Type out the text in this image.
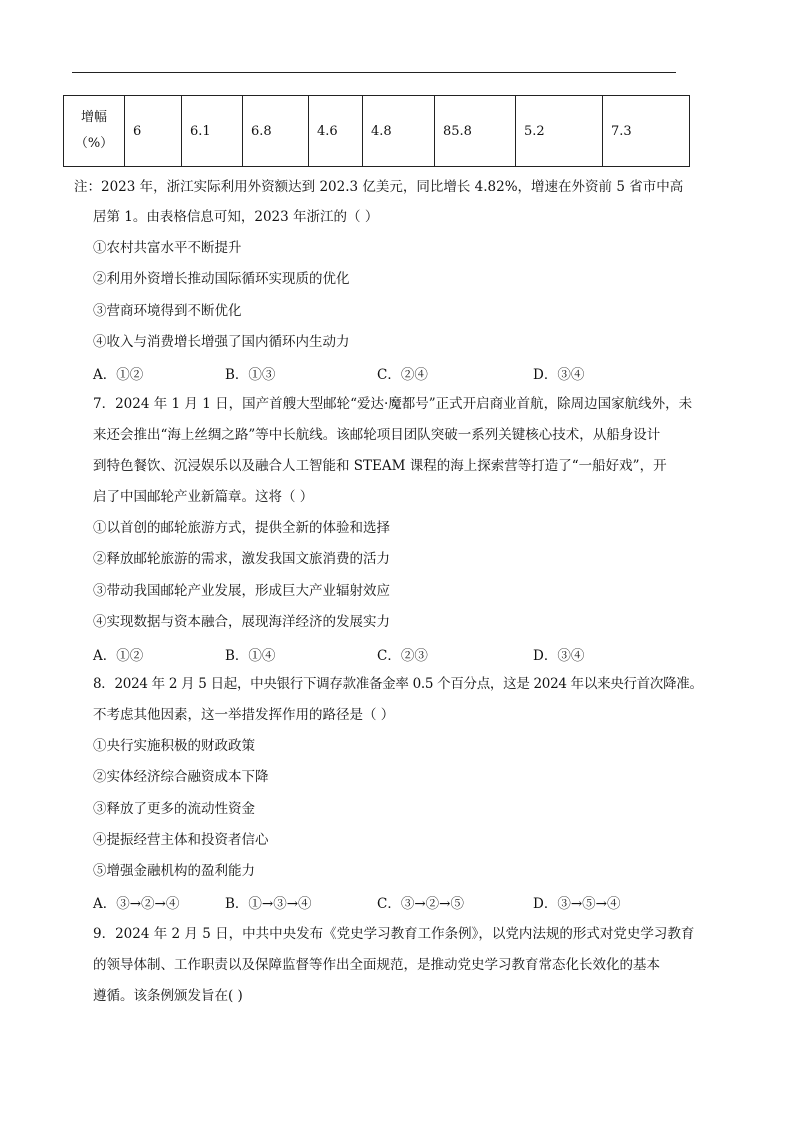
增幅
（%）
	6	6.1	6.8	4.6	4.8	85.8	5.2	7.3
注：2023 年，浙江实际利用外资额达到 202.3 亿美元，同比增长 4.82%，增速在外资前 5 省市中高
居第 1。由表格信息可知，2023 年浙江的（ ）
①农村共富水平不断提升
②利用外资增长推动国际循环实现质的优化
③营商环境得到不断优化
④收入与消费增长增强了国内循环内生动力
A．①②	B．①③	C．②④	D．③④
7．2024 年 1 月 1 日，国产首艘大型邮轮“爱达·魔都号”正式开启商业首航，除周边国家航线外，未
来还会推出“海上丝绸之路”等中长航线。该邮轮项目团队突破一系列关键核心技术，从船身设计
到特色餐饮、沉浸娱乐以及融合人工智能和 STEAM 课程的海上探索营等打造了“一船好戏”，开
启了中国邮轮产业新篇章。这将（ ）
①以首创的邮轮旅游方式，提供全新的体验和选择
②释放邮轮旅游的需求，激发我国文旅消费的活力
③带动我国邮轮产业发展，形成巨大产业辐射效应
④实现数据与资本融合，展现海洋经济的发展实力
A．①②	B．①④	C．②③	D．③④
8．2024 年 2 月 5 日起，中央银行下调存款准备金率 0.5 个百分点，这是 2024 年以来央行首次降准。
不考虑其他因素，这一举措发挥作用的路径是（ ）
①央行实施积极的财政政策
②实体经济综合融资成本下降
③释放了更多的流动性资金
④提振经营主体和投资者信心
⑤增强金融机构的盈利能力
A．③→②→④	B．①→③→④	C．③→②→⑤	D．③→⑤→④
9．2024 年 2 月 5 日，中共中央发布《党史学习教育工作条例》，以党内法规的形式对党史学习教育
的领导体制、工作职责以及保障监督等作出全面规范，是推动党史学习教育常态化长效化的基本
遵循。该条例颁发旨在( )
